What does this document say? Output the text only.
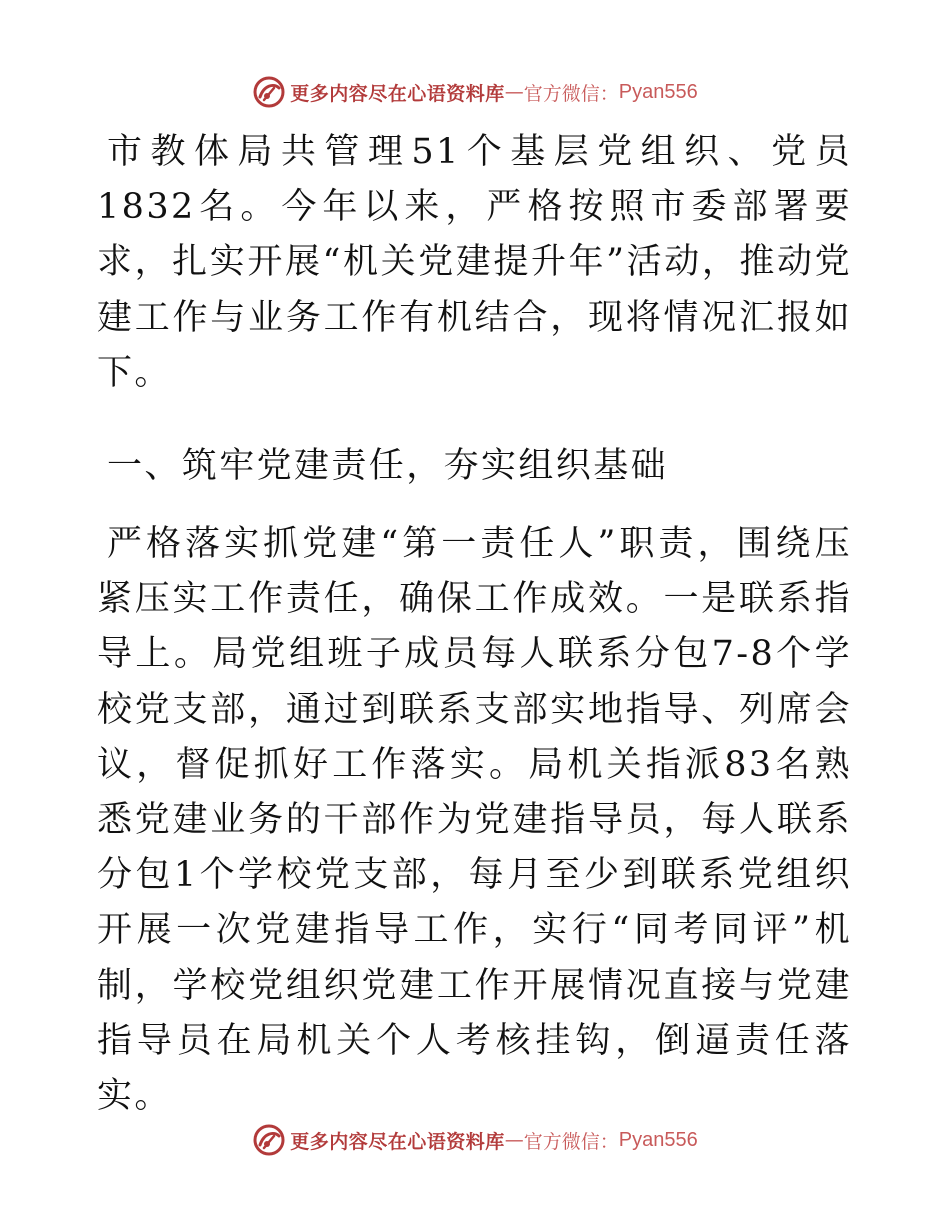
更多内容尽在心语资料库 — 官方微信： Pyan556

市教体局共管理51个基层党组织、党员1832名。今年以来，严格按照市委部署要求，扎实开展“机关党建提升年”活动，推动党建工作与业务工作有机结合，现将情况汇报如下。

一、筑牢党建责任，夯实组织基础

严格落实抓党建“第一责任人”职责，围绕压紧压实工作责任，确保工作成效。一是联系指导上。局党组班子成员每人联系分包7-8个学校党支部，通过到联系支部实地指导、列席会议，督促抓好工作落实。局机关指派83名熟悉党建业务的干部作为党建指导员，每人联系分包1个学校党支部，每月至少到联系党组织开展一次党建指导工作，实行“同考同评”机制，学校党组织党建工作开展情况直接与党建指导员在局机关个人考核挂钩，倒逼责任落实。

更多内容尽在心语资料库 — 官方微信： Pyan556
